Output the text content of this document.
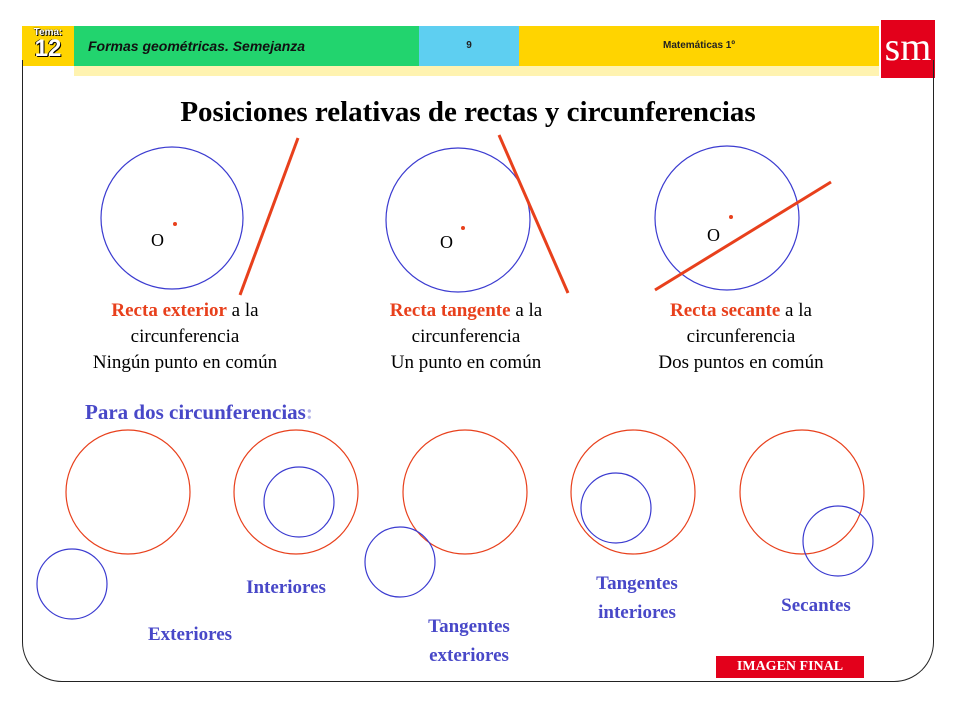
Tema:
12	Formas geométricas. Semejanza	9	Matemáticas 1º	sm
Posiciones relativas de rectas y circunferencias
O	O	O
Recta exterior a la
circunferencia
Ningún punto en común
Recta tangente a la
circunferencia
Un punto en común
Recta secante a la
circunferencia
Dos puntos en común
Para dos circunferencias:
Exteriores
Interiores
Tangentes
exteriores
Tangentes
interiores	Secantes
IMAGEN FINAL
